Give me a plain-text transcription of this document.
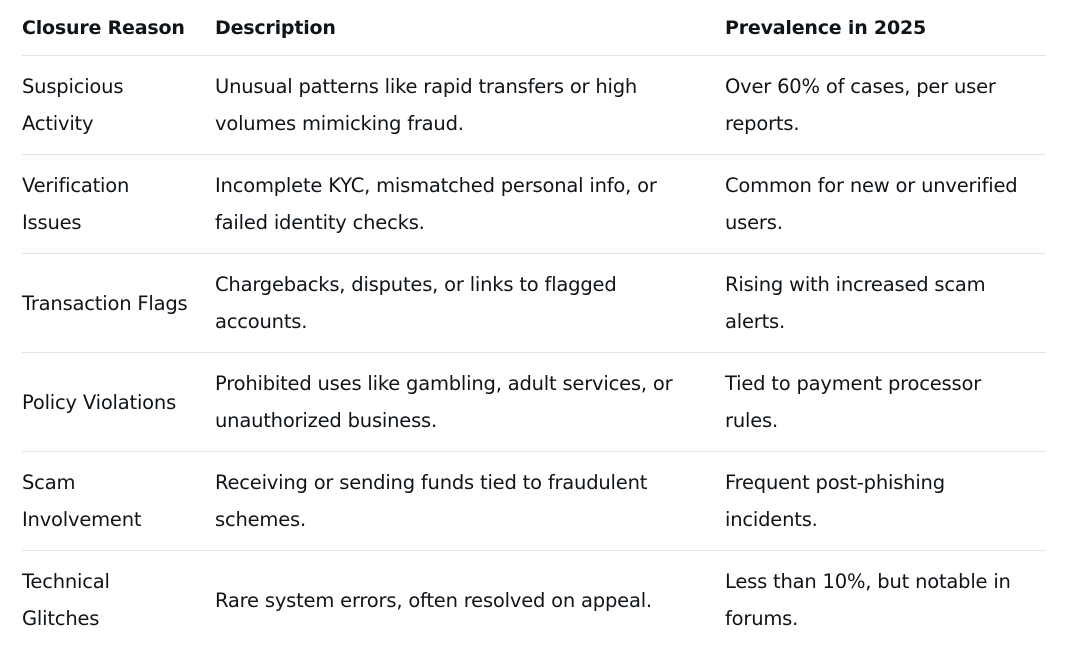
Closure Reason	Description	Prevalence in 2025

Suspicious Activity	Unusual patterns like rapid transfers or high volumes mimicking fraud.	Over 60% of cases, per user reports.

Verification Issues	Incomplete KYC, mismatched personal info, or failed identity checks.	Common for new or unverified users.

Transaction Flags	Chargebacks, disputes, or links to flagged accounts.	Rising with increased scam alerts.

Policy Violations	Prohibited uses like gambling, adult services, or unauthorized business.	Tied to payment processor rules.

Scam Involvement	Receiving or sending funds tied to fraudulent schemes.	Frequent post-phishing incidents.

Technical Glitches	Rare system errors, often resolved on appeal.	Less than 10%, but notable in forums.
